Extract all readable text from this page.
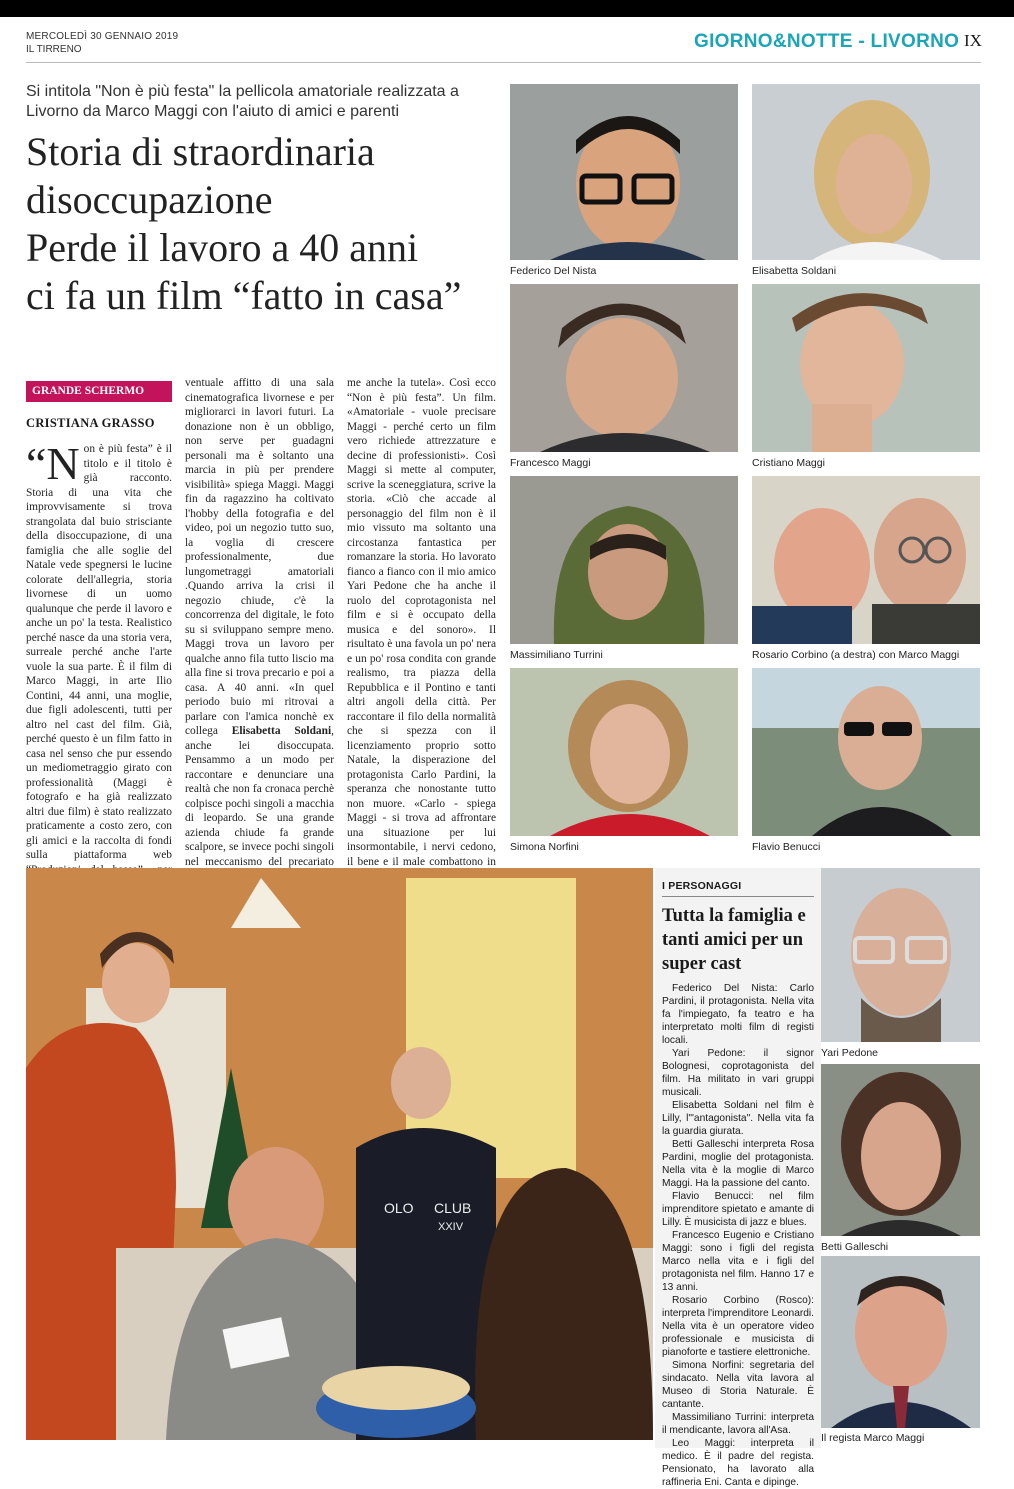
MERCOLEDÌ 30 GENNAIO 2019
IL TIRRENO	GIORNO&NOTTE - LIVORNO IX
Si intitola "Non è più festa" la pellicola amatoriale realizzata a Livorno da Marco Maggi con l'aiuto di amici e parenti
Storia di straordinaria
disoccupazione
Perde il lavoro a 40 anni
ci fa un film “fatto in casa”
GRANDE SCHERMO
CRISTIANA GRASSO
“Non è più festa” è il titolo e il titolo è già racconto. Storia di una vita che improvvisamente si trova strangolata dal buio strisciante della disoccupazione, di una famiglia che alle soglie del Natale vede spegnersi le lucine colorate dell'allegria, storia livornese di un uomo qualunque che perde il lavoro e anche un po' la testa. Realistico perché nasce da una storia vera, surreale perché anche l'arte vuole la sua parte. È il film di Marco Maggi, in arte Ilio Contini, 44 anni, una moglie, due figli adolescenti, tutti per altro nel cast del film. Già, perché questo è un film fatto in casa nel senso che pur essendo un mediometraggio girato con professionalità (Maggi è fotografo e ha già realizzato altri due film) è stato realizzato praticamente a costo zero, con gli amici e la raccolta di fondi sulla piattaforma web
ventuale affitto di una sala cinematografica livornese e per migliorarci in lavori futuri. La donazione non è un obbligo, non serve per guadagni personali ma è soltanto una marcia in più per prendere visibilità» spiega Maggi. Maggi fin da ragazzino ha coltivato l'hobby della fotografia e del video, poi un negozio tutto suo, la voglia di crescere professionalmente, due lungometraggi amatoriali .Quando arriva la crisi il negozio chiude, c'è la concorrenza del digitale, le foto su si sviluppano sempre meno. Maggi trova un lavoro per qualche anno fila tutto liscio ma alla fine si trova precario e poi a casa. A 40 anni. «In quel periodo buio mi ritrovai a parlare con l'amica nonchè ex collega Elisabetta Soldani, anche lei disoccupata. Pensammo a un modo per raccontare e denunciare una realtà che non fa cronaca perchè colpisce pochi singoli a macchia di leopardo. Se una grande azienda chiude fa grande scalpore, se invece pochi singoli nel meccanismo del precariato
me anche la tutela». Così ecco “Non è più festa”. Un film. «Amatoriale - vuole precisare Maggi - perché certo un film vero richiede attrezzature e decine di professionisti». Così Maggi si mette al computer, scrive la sceneggiatura, scrive la storia. «Ciò che accade al personaggio del film non è il mio vissuto ma soltanto una circostanza fantastica per romanzare la storia. Ho lavorato fianco a fianco con il mio amico Yari Pedone che ha anche il ruolo del coprotagonista nel film e si è occupato della musica e del sonoro». Il risultato è una favola un po' nera e un po' rosa condita con grande realismo, tra piazza della Repubblica e il Pontino e tanti altri angoli della città. Per raccontare il filo della normalità che si spezza con il licenziamento proprio sotto Natale, la disperazione del protagonista Carlo Pardini, la speranza che nonostante tutto non muore. «Carlo - spiega Maggi - si trova ad affrontare una situazione per lui insormontabile, i nervi cedono, il bene e il male combattono in
Federico Del Nista	Elisabetta Soldani
Francesco Maggi	Cristiano Maggi
Massimiliano Turrini	Rosario Corbino (a destra) con Marco Maggi
Simona Norfini	Flavio Benucci
OLO CLUB
XXIV
I PERSONAGGI
Tutta la famiglia e tanti amici per un super cast

Federico Del Nista: Carlo Pardini, il protagonista. Nella vita fa l'impiegato, fa teatro e ha interpretato molti film di registi locali.

Yari Pedone: il signor Bolognesi, coprotagonista del film. Ha militato in vari gruppi musicali.

Elisabetta Soldani nel film è Lilly, l'"antagonista". Nella vita fa la guardia giurata.

Betti Galleschi interpreta Rosa Pardini, moglie del protagonista. Nella vita è la moglie di Marco Maggi. Ha la passione del canto.

Flavio Benucci: nel film imprenditore spietato e amante di Lilly. È musicista di jazz e blues.

Francesco Eugenio e Cristiano Maggi: sono i figli del regista Marco nella vita e i figli del protagonista nel film. Hanno 17 e 13 anni.

Rosario Corbino (Rosco): interpreta l'imprenditore Leonardi. Nella vita è un operatore video professionale e musicista di pianoforte e tastiere elettroniche.

Simona Norfini: segretaria del sindacato. Nella vita lavora al Museo di Storia Naturale. È cantante.

Massimiliano Turrini: interpreta il mendicante, lavora all'Asa.

Leo Maggi: interpreta il medico. È il padre del regista. Pensionato, ha lavorato alla raffineria Eni. Canta e dipinge.

Yari Pedone
Betti Galleschi
Il regista Marco Maggi
